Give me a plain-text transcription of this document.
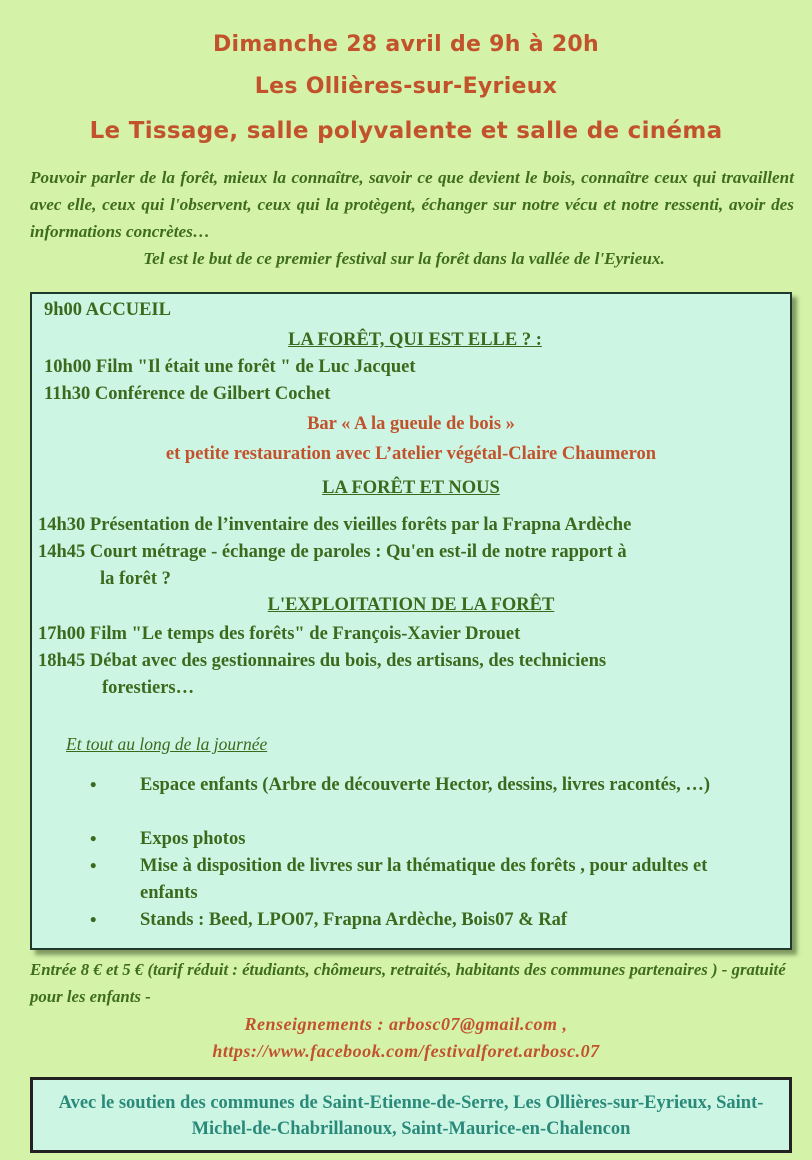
Dimanche 28 avril de 9h à 20h
Les Ollières-sur-Eyrieux
Le Tissage, salle polyvalente et salle de cinéma
Pouvoir parler de la forêt, mieux la connaître, savoir ce que devient le bois, connaître ceux qui travaillent avec elle, ceux qui l'observent, ceux qui la protègent, échanger sur notre vécu et notre ressenti, avoir des informations concrètes…
Tel est le but de ce premier festival sur la forêt dans la vallée de l'Eyrieux.
9h00 ACCUEIL
LA FORÊT, QUI EST ELLE ? :
10h00 Film "Il était une forêt " de Luc Jacquet
11h30 Conférence de Gilbert Cochet
Bar « A la gueule de bois »
et petite restauration avec L’atelier végétal-Claire Chaumeron
LA FORÊT ET NOUS
14h30 Présentation de l’inventaire des vieilles forêts par la Frapna Ardèche
14h45 Court métrage - échange de paroles : Qu'en est-il de notre rapport à
la forêt ?
L'EXPLOITATION DE LA FORÊT
17h00 Film "Le temps des forêts" de François-Xavier Drouet
18h45 Débat avec des gestionnaires du bois, des artisans, des techniciens
forestiers…
Et tout au long de la journée
• Espace enfants (Arbre de découverte Hector, dessins, livres racontés, …)
• Expos photos
• Mise à disposition de livres sur la thématique des forêts , pour adultes et enfants
• Stands : Beed, LPO07, Frapna Ardèche, Bois07 & Raf
Entrée 8 € et 5 € (tarif réduit : étudiants, chômeurs, retraités, habitants des communes partenaires ) - gratuité pour les enfants -
Renseignements : arbosc07@gmail.com ,
https://www.facebook.com/festivalforet.arbosc.07
Avec le soutien des communes de Saint-Etienne-de-Serre, Les Ollières-sur-Eyrieux, Saint-Michel-de-Chabrillanoux, Saint-Maurice-en-Chalencon
